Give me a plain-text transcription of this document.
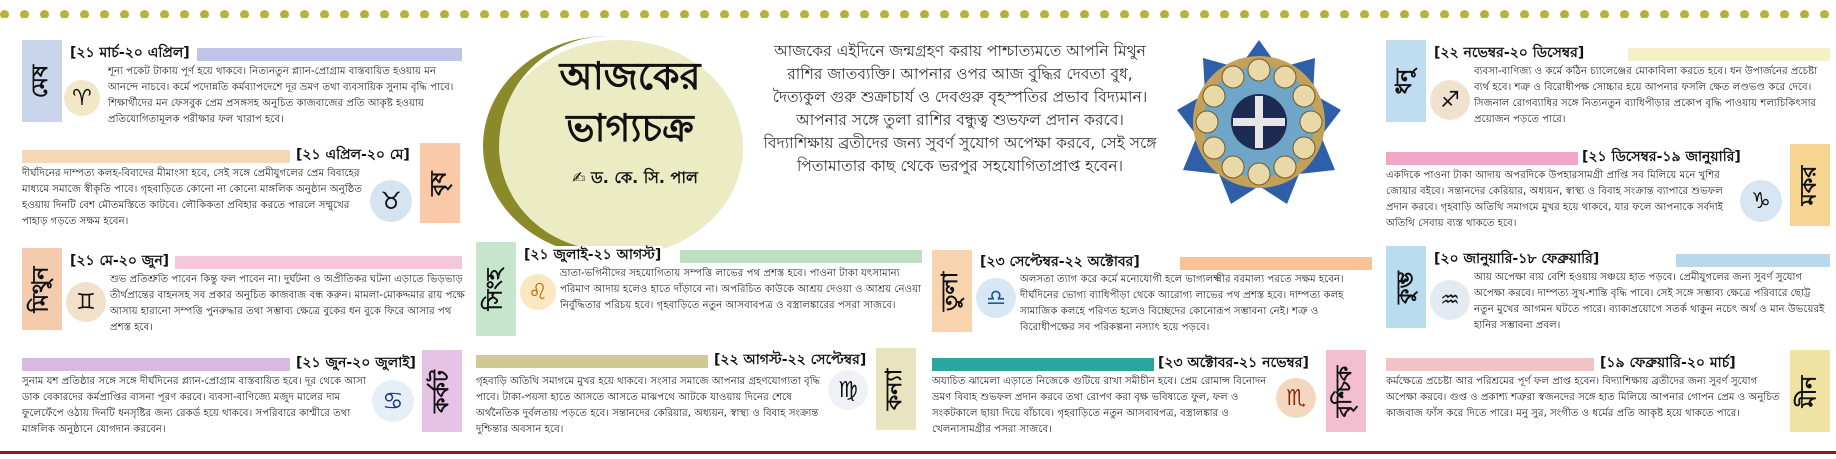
আজকের
ভাগ্যচক্র
✍ ড. কে. সি. পাল
আজকের এইদিনে জন্মগ্রহণ করায় পাশ্চাত্যমতে আপনি মিথুন রাশির জাতব্যক্তি। আপনার ওপর আজ বুদ্ধির দেবতা বুধ, দৈত্যকুল গুরু শুক্রাচার্য ও দেবগুরু বৃহস্পতির প্রভাব বিদ্যমান। আপনার সঙ্গে তুলা রাশির বন্ধুত্ব শুভফল প্রদান করবে। বিদ্যাশিক্ষায় ব্রতীদের জন্য সুবর্ণ সুযোগ অপেক্ষা করবে, সেই সঙ্গে পিতামাতার কাছ থেকে ভরপুর সহযোগিতাপ্রাপ্ত হবেন।
মেষ
[২১ মার্চ-২০ এপ্রিল]
♈
শূন্য পকেট টাকায় পূর্ণ হয়ে থাকবে। নিত্যনতুন প্ল্যান-প্রোগ্রাম বাস্তবায়িত হওয়ায় মন আনন্দে নাচবে। কর্মে পদোন্নতি কর্মব্যাপদেশে দূর ভ্রমণ তথা ব্যবসায়িক সুনাম বৃদ্ধি পাবে। শিক্ষার্থীদের মন ফেসবুক প্রেম প্রসঙ্গসহ অনুচিত কাজবাজের প্রতি আকৃষ্ট হওয়ায় প্রতিযোগিতামূলক পরীক্ষার ফল খারাপ হবে।
বৃষ
[২১ এপ্রিল-২০ মে]
♉
দীর্ঘদিনের দাম্পত্য কলহ-বিবাদের মীমাংসা হবে, সেই সঙ্গে প্রেমীযুগলের প্রেম বিবাহের মাধ্যমে সমাজে স্বীকৃতি পাবে। গৃহবাড়িতে কোনো না কোনো মাঙ্গলিক অনুষ্ঠান অনুষ্ঠিত হওয়ায় দিনটি বেশ মৌতমস্তিতে কাটবে। লৌকিকতা প্রবিহার করতে পারলে সম্মুখের পাহাড় গড়তে সক্ষম হবেন।
মিথুন
[২১ মে-২০ জুন]
♊
শুভ প্রতিশ্রুতি পাবেন কিন্তু ফল পাবেন না। দুর্ঘটনা ও অপ্রীতিকর ঘটনা এড়াতে ভিড়ভাড় তীর্থপ্রান্তের বাহনসহ সব প্রকার অনুচিত কাজবাজ বন্ধ করুন। মামলা-মোকদ্দমার রায় পক্ষে আসায় হারানো সম্পত্তি পুনরুদ্ধার তথা সম্ভাব্য ক্ষেত্রে বুকের ধন বুকে ফিরে আসার পথ প্রশস্ত হবে।
কর্কট
[২১ জুন-২০ জুলাই]
♋
সুনাম যশ প্রতিষ্ঠার সঙ্গে সঙ্গে দীর্ঘদিনের প্ল্যান-প্রোগ্রাম বাস্তবায়িত হবে। দূর থেকে আসা ডাক বেকারদের কর্মপ্রাপ্তির বাসনা পূরণ করবে। ব্যবসা-বাণিজ্যে মজুদ মালের দাম ফুলেফেঁপে ওঠায় দিনটি ধনসৃষ্টির জন্য রেকর্ড হয়ে থাকবে। সপরিবারে কাশ্মীরে তথা মাঙ্গলিক অনুষ্ঠানে যোগদান করবেন।
সিংহ
[২১ জুলাই-২১ আগস্ট]
♌
ভ্রাতা-ভগিনীদের সহযোগিতায় সম্পত্তি লাভের পথ প্রশস্ত হবে। পাওনা টাকা যৎসামান্য পরিমাণ আদায় হলেও হাতে দাঁড়াবে না। অপরিচিত কাউকে আশ্রয় দেওয়া ও আশ্রয় নেওয়া নির্বুদ্ধিতার পরিচয় হবে। গৃহবাড়িতে নতুন আসবাবপত্র ও বস্ত্রালঙ্কারের পসরা সাজবে।
কন্যা
[২২ আগস্ট-২২ সেপ্টেম্বর]
♍
গৃহবাড়ি অতিথি সমাগমে মুখর হয়ে থাকবে। সংসার সমাজে আপনার গ্রহণযোগ্যতা বৃদ্ধি পাবে। টাকা-পয়সা হাতে আসতে আসতে মাঝপথে আটকে যাওয়ায় দিনের শেষে অর্থনৈতিক দুর্বলতায় পড়তে হবে। সন্তানদের কেরিয়ার, অধ্যয়ন, স্বাস্থ্য ও বিবাহ সংক্রান্ত দুশ্চিন্তার অবসান হবে।
তুলা
[২৩ সেপ্টেম্বর-২২ অক্টোবর]
♎
অলসতা ত্যাগ করে কর্মে মনোযোগী হলে ভাগ্যলক্ষ্মীর বরমাল্য পরতে সক্ষম হবেন। দীর্ঘদিনের ভোগ্য ব্যাধিপীড়া থেকে আরোগ্য লাভের পথ প্রশস্ত হবে। দাম্পত্য কলহ সামাজিক কলহে পরিণত হলেও বিচ্ছেদের কোনোরূপ সম্ভাবনা নেই। শত্রু ও বিরোধীপক্ষের সব পরিকল্পনা নস্যাৎ হয়ে পড়বে।
বৃশ্চিক
[২৩ অক্টোবর-২১ নভেম্বর]
♏
অযাচিত ঝামেলা এড়াতে নিজেকে গুটিয়ে রাখা সমীচীন হবে। প্রেম রোমান্স বিনোদন ভ্রমণ বিবাহ শুভফল প্রদান করবে তথা রোপণ করা বৃক্ষ ভবিষ্যতে ফুল, ফল ও সংকটকালে ছায়া দিয়ে বাঁচাবে। গৃহবাড়িতে নতুন আসবাবপত্র, বস্ত্রালঙ্কার ও খেলনাসামগ্রীর পসরা সাজবে।
ধনু
[২২ নভেম্বর-২০ ডিসেম্বর]
♐
ব্যবসা-বাণিজ্য ও কর্মে কঠিন চ্যালেঞ্জের মোকাবিলা করতে হবে। ধন উপার্জনের প্রচেষ্টা ব্যর্থ হবে। শত্রু ও বিরোধীপক্ষ সোচ্চার হয়ে আপনার ফসলি ক্ষেত লণ্ডভণ্ড করে দেবে। সিজনাল রোগব্যাধির সঙ্গে নিত্যনতুন ব্যাধিপীড়ার প্রকোপ বৃদ্ধি পাওয়ায় শল্যচিকিৎসার প্রয়োজন পড়তে পারে।
মকর
[২১ ডিসেম্বর-১৯ জানুয়ারি]
♑
একদিকে পাওনা টাকা আদায় অপরদিকে উপহারসামগ্রী প্রাপ্তি সব মিলিয়ে মনে খুশির জোয়ার বইবে। সন্তানদের কেরিয়ার, অধ্যয়ন, স্বাস্থ্য ও বিবাহ সংক্রান্ত ব্যাপারে শুভফল প্রদান করবে। গৃহবাড়ি অতিথি সমাগমে মুখর হয়ে থাকবে, যার ফলে আপনাকে সর্বদাই অতিথি সেবায় ব্যস্ত থাকতে হবে।
কুম্ভ
[২০ জানুয়ারি-১৮ ফেব্রুয়ারি]
♒
আয় অপেক্ষা ব্যয় বেশি হওয়ায় সঞ্চয়ে হাত পড়বে। প্রেমীযুগলের জন্য সুবর্ণ সুযোগ অপেক্ষা করবে। দাম্পত্য সুখ-শান্তি বৃদ্ধি পাবে। সেই সঙ্গে সম্ভাব্য ক্ষেত্রে পরিবারে ছোট্ট নতুন মুখের আগমন ঘটতে পারে। ব্যাক্যপ্রয়োগে সতর্ক থাকুন নচেৎ অর্থ ও মান উভয়েরই হানির সম্ভাবনা প্রবল।
মীন
[১৯ ফেব্রুয়ারি-২০ মার্চ]
কর্মক্ষেত্রে প্রচেষ্টা আর পরিশ্রমের পূর্ণ ফল প্রাপ্ত হবেন। বিদ্যাশিক্ষায় ব্রতীদের জন্য সুবর্ণ সুযোগ অপেক্ষা করবে। গুপ্ত ও প্রকাশ্য শত্রুরা স্বজনদের সঙ্গে হাত মিলিয়ে আপনার গোপন প্রেম ও অনুচিত কাজবাজ ফাঁস করে দিতে পারে। মনু সুর, সংগীত ও ধর্মের প্রতি আকৃষ্ট হয়ে থাকতে পারে।
